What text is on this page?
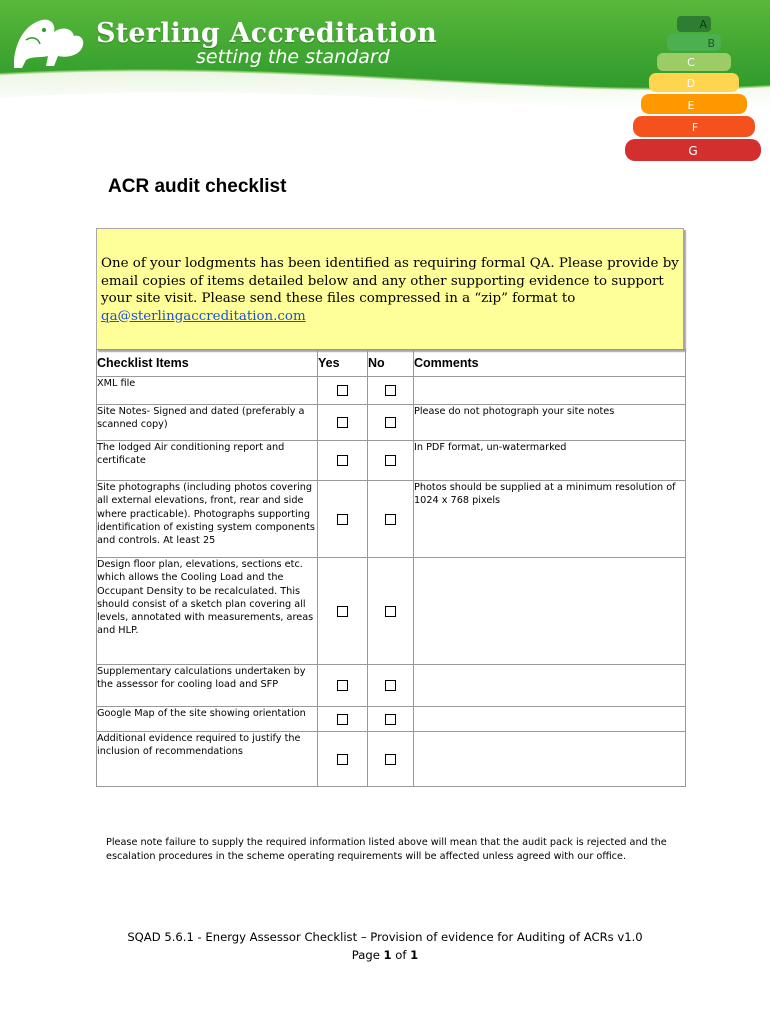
Sterling Accreditation
setting the standard
A
B
C
D
E
F
G
ACR audit checklist
One of your lodgments has been identified as requiring formal QA. Please provide by email copies of items detailed below and any other supporting evidence to support your site visit. Please send these files compressed in a “zip” format to qa@sterlingaccreditation.com
Checklist Items	Yes	No	Comments
XML file			
Site Notes- Signed and dated (preferably a scanned copy)			Please do not photograph your site notes
The lodged Air conditioning report and certificate			In PDF format, un-watermarked
Site photographs (including photos covering all external elevations, front, rear and side where practicable). Photographs supporting identification of existing system components and controls. At least 25			Photos should be supplied at a minimum resolution of 1024 x 768 pixels
Design floor plan, elevations, sections etc. which allows the Cooling Load and the Occupant Density to be recalculated. This should consist of a sketch plan covering all levels, annotated with measurements, areas and HLP.			
Supplementary calculations undertaken by the assessor for cooling load and SFP			
Google Map of the site showing orientation			
Additional evidence required to justify the inclusion of recommendations			
Please note failure to supply the required information listed above will mean that the audit pack is rejected and the escalation procedures in the scheme operating requirements will be affected unless agreed with our office.
SQAD 5.6.1 - Energy Assessor Checklist – Provision of evidence for Auditing of ACRs v1.0
Page 1 of 1
